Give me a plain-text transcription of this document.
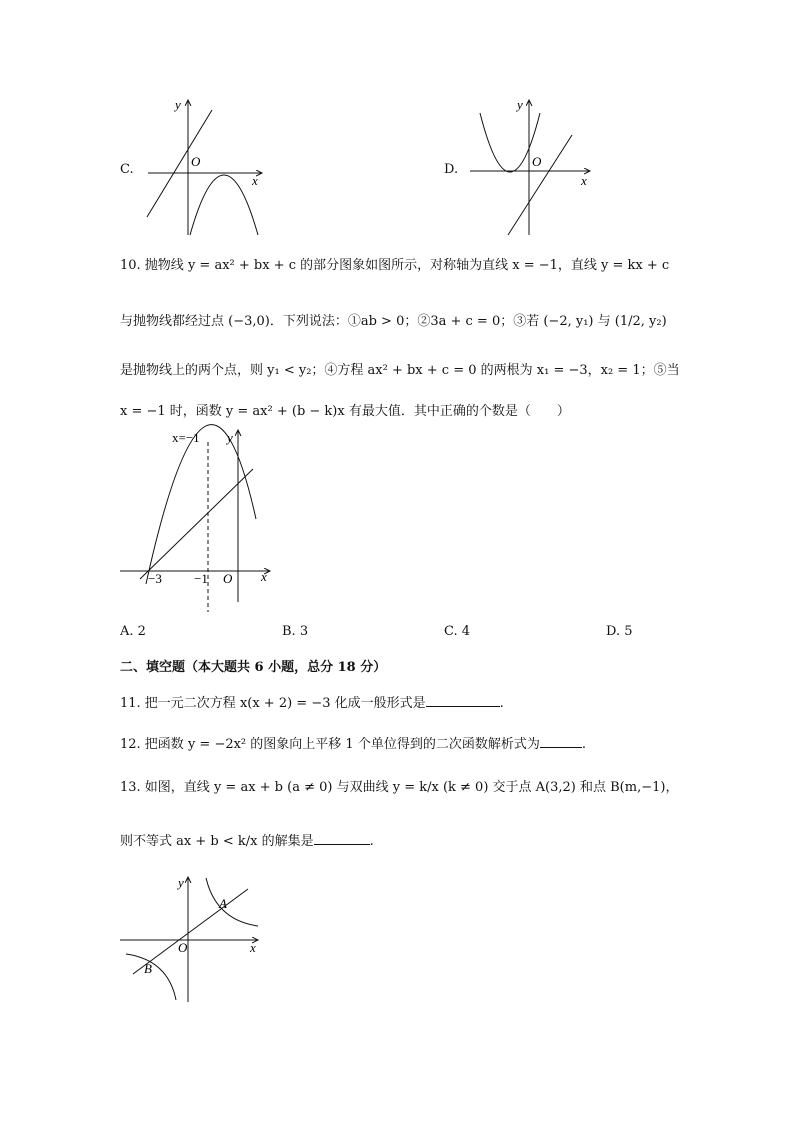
C.
x
y
O
D.
x
y
O
10. 抛物线 y = ax² + bx + c 的部分图象如图所示，对称轴为直线 x = −1，直线 y = kx + c
与抛物线都经过点 (−3,0)．下列说法：①ab > 0；②3a + c = 0；③若 (−2, y₁) 与 (1/2, y₂)
是抛物线上的两个点，则 y₁ < y₂；④方程 ax² + bx + c = 0 的两根为 x₁ = −3，x₂ = 1；⑤当
x = −1 时，函数 y = ax² + (b − k)x 有最大值．其中正确的个数是（　　）
x=−1 y
x
−3 −1 O
A. 2	B. 3	C. 4	D. 5
二、填空题（本大题共 6 小题，总分 18 分）
11. 把一元二次方程 x(x + 2) = −3 化成一般形式是	.
12. 把函数 y = −2x² 的图象向上平移 1 个单位得到的二次函数解析式为	.
13. 如图，直线 y = ax + b (a ≠ 0) 与双曲线 y = k/x (k ≠ 0) 交于点 A(3,2) 和点 B(m,−1)，
则不等式 ax + b < k/x 的解集是	.
y
x
O
A
B
